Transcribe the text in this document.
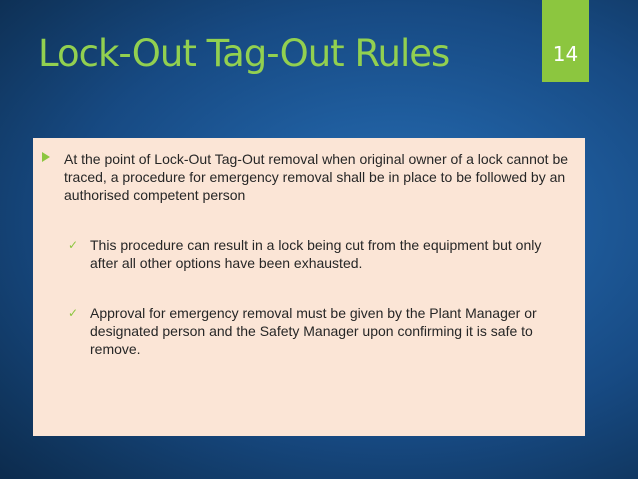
Lock-Out Tag-Out Rules	14
At the point of Lock-Out Tag-Out removal when original owner of a lock cannot be traced, a procedure for emergency removal shall be in place to be followed by an authorised competent person
✓ This procedure can result in a lock being cut from the equipment but only after all other options have been exhausted.
✓ Approval for emergency removal must be given by the Plant Manager or designated person and the Safety Manager upon confirming it is safe to remove.
